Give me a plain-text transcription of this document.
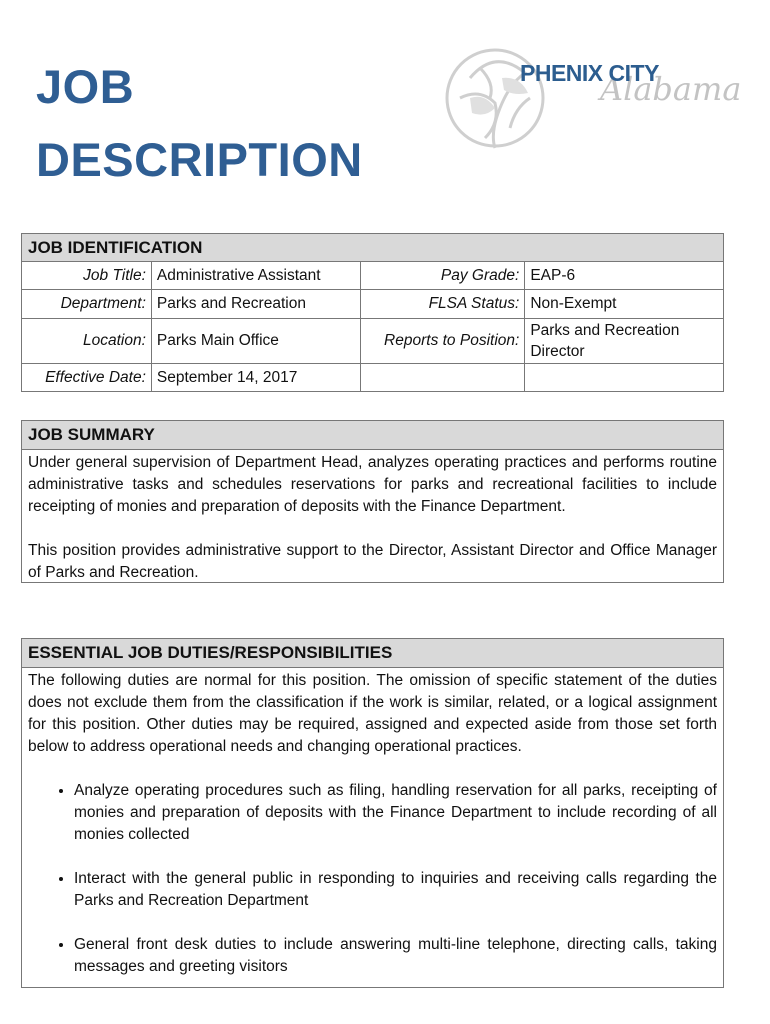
JOB
DESCRIPTION
Alabama
PHENIX CITY
JOB IDENTIFICATION			
Job Title:	Administrative Assistant	Pay Grade:	EAP-6
Department:	Parks and Recreation	FLSA Status:	Non-Exempt
Location:	Parks Main Office	Reports to Position:	Parks and Recreation
Director
Effective Date:	September 14, 2017		
JOB SUMMARY

Under general supervision of Department Head, analyzes operating practices and performs routine administrative tasks and schedules reservations for parks and recreational facilities to include receipting of monies and preparation of deposits with the Finance Department.

This position provides administrative support to the Director, Assistant Director and Office Manager of Parks and Recreation.

ESSENTIAL JOB DUTIES/RESPONSIBILITIES

The following duties are normal for this position. The omission of specific statement of the duties does not exclude them from the classification if the work is similar, related, or a logical assignment for this position. Other duties may be required, assigned and expected aside from those set forth below to address operational needs and changing operational practices.

• Analyze operating procedures such as filing, handling reservation for all parks, receipting of monies and preparation of deposits with the Finance Department to include recording of all monies collected
• Interact with the general public in responding to inquiries and receiving calls regarding the Parks and Recreation Department
• General front desk duties to include answering multi-line telephone, directing calls, taking messages and greeting visitors
